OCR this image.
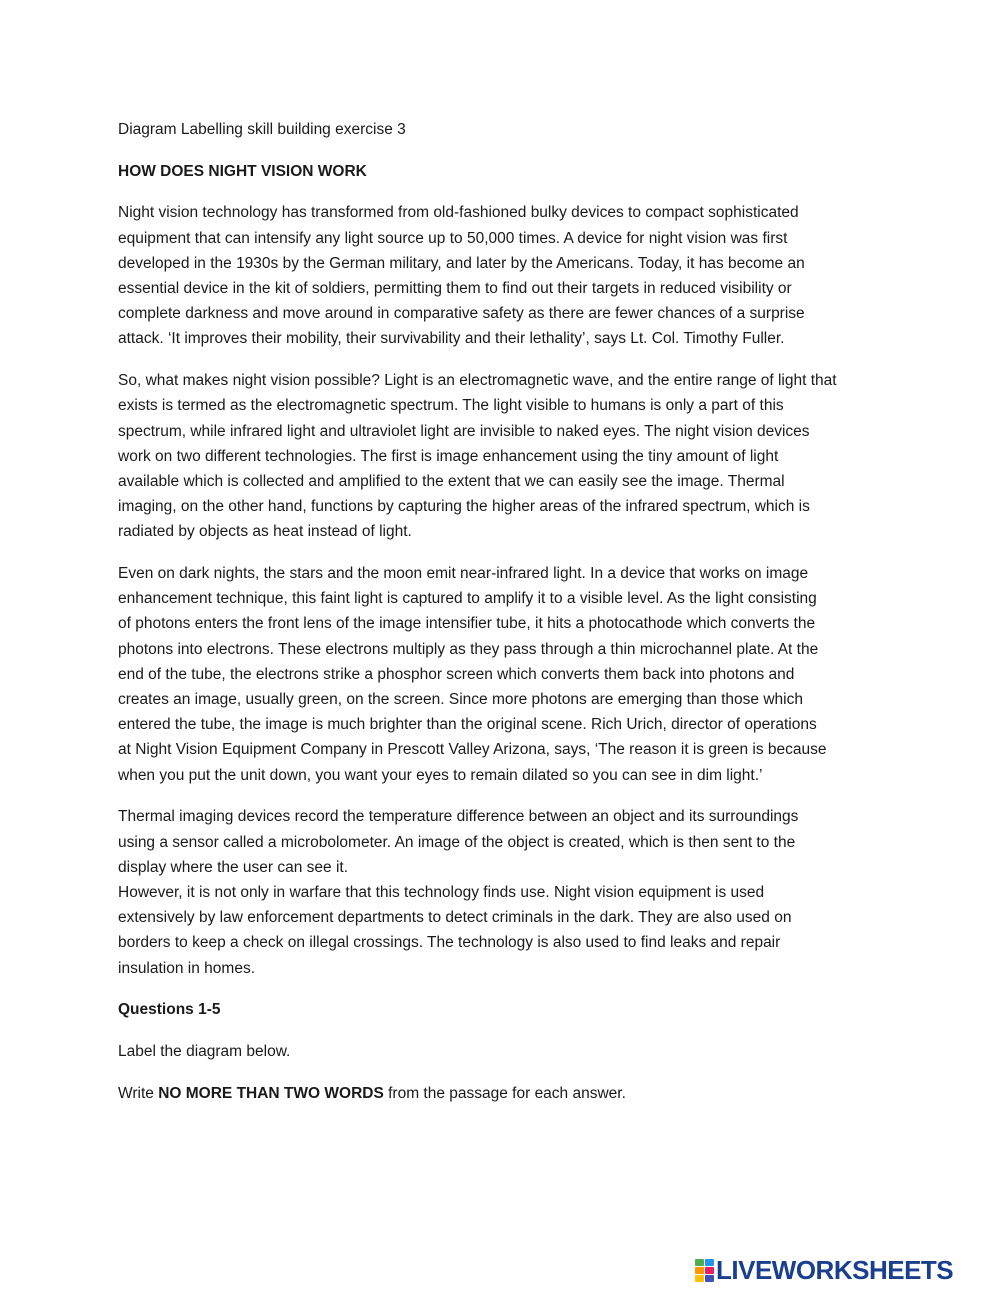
Diagram Labelling skill building exercise 3
HOW DOES NIGHT VISION WORK
Night vision technology has transformed from old-fashioned bulky devices to compact sophisticated
equipment that can intensify any light source up to 50,000 times. A device for night vision was first
developed in the 1930s by the German military, and later by the Americans. Today, it has become an
essential device in the kit of soldiers, permitting them to find out their targets in reduced visibility or
complete darkness and move around in comparative safety as there are fewer chances of a surprise
attack. ‘It improves their mobility, their survivability and their lethality’, says Lt. Col. Timothy Fuller.
So, what makes night vision possible? Light is an electromagnetic wave, and the entire range of light that
exists is termed as the electromagnetic spectrum. The light visible to humans is only a part of this
spectrum, while infrared light and ultraviolet light are invisible to naked eyes. The night vision devices
work on two different technologies. The first is image enhancement using the tiny amount of light
available which is collected and amplified to the extent that we can easily see the image. Thermal
imaging, on the other hand, functions by capturing the higher areas of the infrared spectrum, which is
radiated by objects as heat instead of light.
Even on dark nights, the stars and the moon emit near-infrared light. In a device that works on image
enhancement technique, this faint light is captured to amplify it to a visible level. As the light consisting
of photons enters the front lens of the image intensifier tube, it hits a photocathode which converts the
photons into electrons. These electrons multiply as they pass through a thin microchannel plate. At the
end of the tube, the electrons strike a phosphor screen which converts them back into photons and
creates an image, usually green, on the screen. Since more photons are emerging than those which
entered the tube, the image is much brighter than the original scene. Rich Urich, director of operations
at Night Vision Equipment Company in Prescott Valley Arizona, says, ‘The reason it is green is because
when you put the unit down, you want your eyes to remain dilated so you can see in dim light.’
Thermal imaging devices record the temperature difference between an object and its surroundings
using a sensor called a microbolometer. An image of the object is created, which is then sent to the
display where the user can see it.
However, it is not only in warfare that this technology finds use. Night vision equipment is used
extensively by law enforcement departments to detect criminals in the dark. They are also used on
borders to keep a check on illegal crossings. The technology is also used to find leaks and repair
insulation in homes.
Questions 1-5
Label the diagram below.
Write NO MORE THAN TWO WORDS from the passage for each answer.
LIVEWORKSHEETS
